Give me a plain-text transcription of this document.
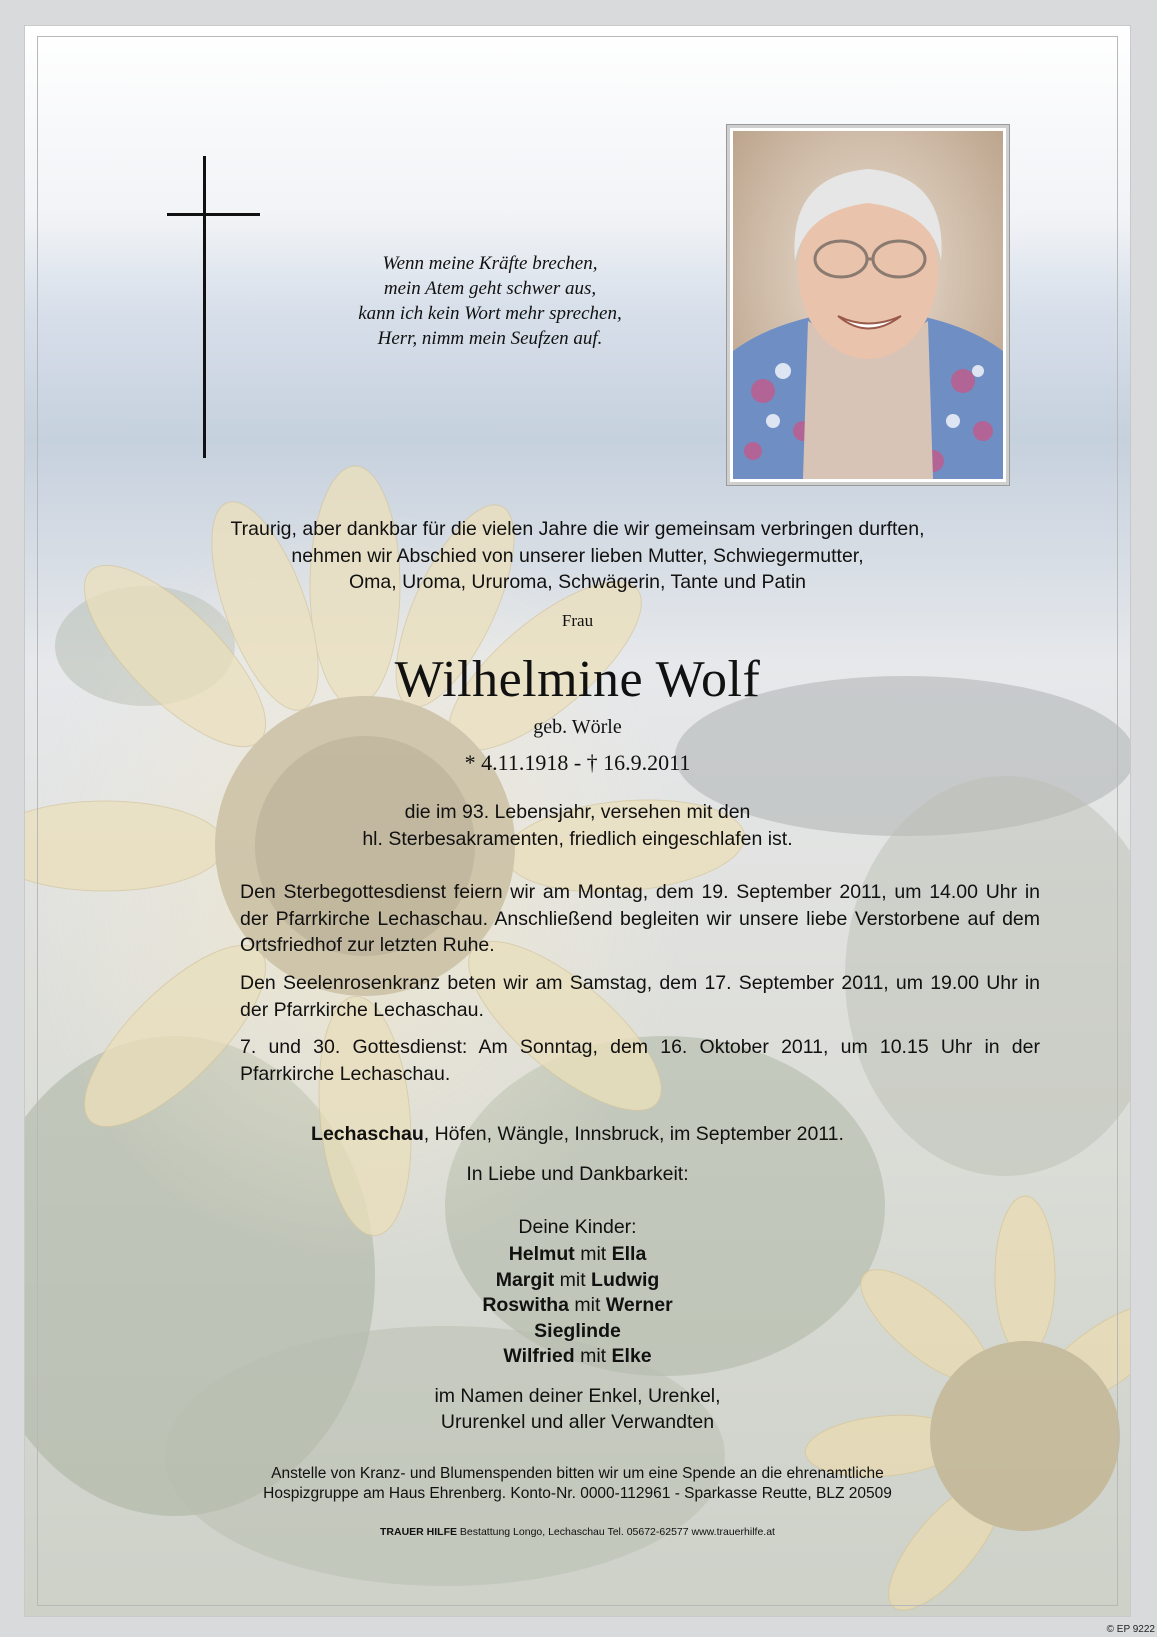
Wenn meine Kräfte brechen,
mein Atem geht schwer aus,
kann ich kein Wort mehr sprechen,
Herr, nimm mein Seufzen auf.
Traurig, aber dankbar für die vielen Jahre die wir gemeinsam verbringen durften,
nehmen wir Abschied von unserer lieben Mutter, Schwiegermutter,
Oma, Uroma, Ururoma, Schwägerin, Tante und Patin
Frau
Wilhelmine Wolf
geb. Wörle
* 4.11.1918 - † 16.9.2011
die im 93. Lebensjahr, versehen mit den
hl. Sterbesakramenten, friedlich eingeschlafen ist.
Den Sterbegottesdienst feiern wir am Montag, dem 19. September 2011, um 14.00 Uhr in der Pfarrkirche Lechaschau. Anschließend begleiten wir unsere liebe Verstorbene auf dem Ortsfriedhof zur letzten Ruhe.
Den Seelenrosenkranz beten wir am Samstag, dem 17. September 2011, um 19.00 Uhr in der Pfarrkirche Lechaschau.
7. und 30. Gottesdienst: Am Sonntag, dem 16. Oktober 2011, um 10.15 Uhr in der Pfarrkirche Lechaschau.
Lechaschau, Höfen, Wängle, Innsbruck, im September 2011.
In Liebe und Dankbarkeit:
Deine Kinder:
Helmut mit Ella
Margit mit Ludwig
Roswitha mit Werner
Sieglinde
Wilfried mit Elke
im Namen deiner Enkel, Urenkel,
Ururenkel und aller Verwandten
Anstelle von Kranz- und Blumenspenden bitten wir um eine Spende an die ehrenamtliche
Hospizgruppe am Haus Ehrenberg. Konto-Nr. 0000-112961 - Sparkasse Reutte, BLZ 20509
TRAUER HILFE Bestattung Longo, Lechaschau Tel. 05672-62577 www.trauerhilfe.at
© EP 9222
